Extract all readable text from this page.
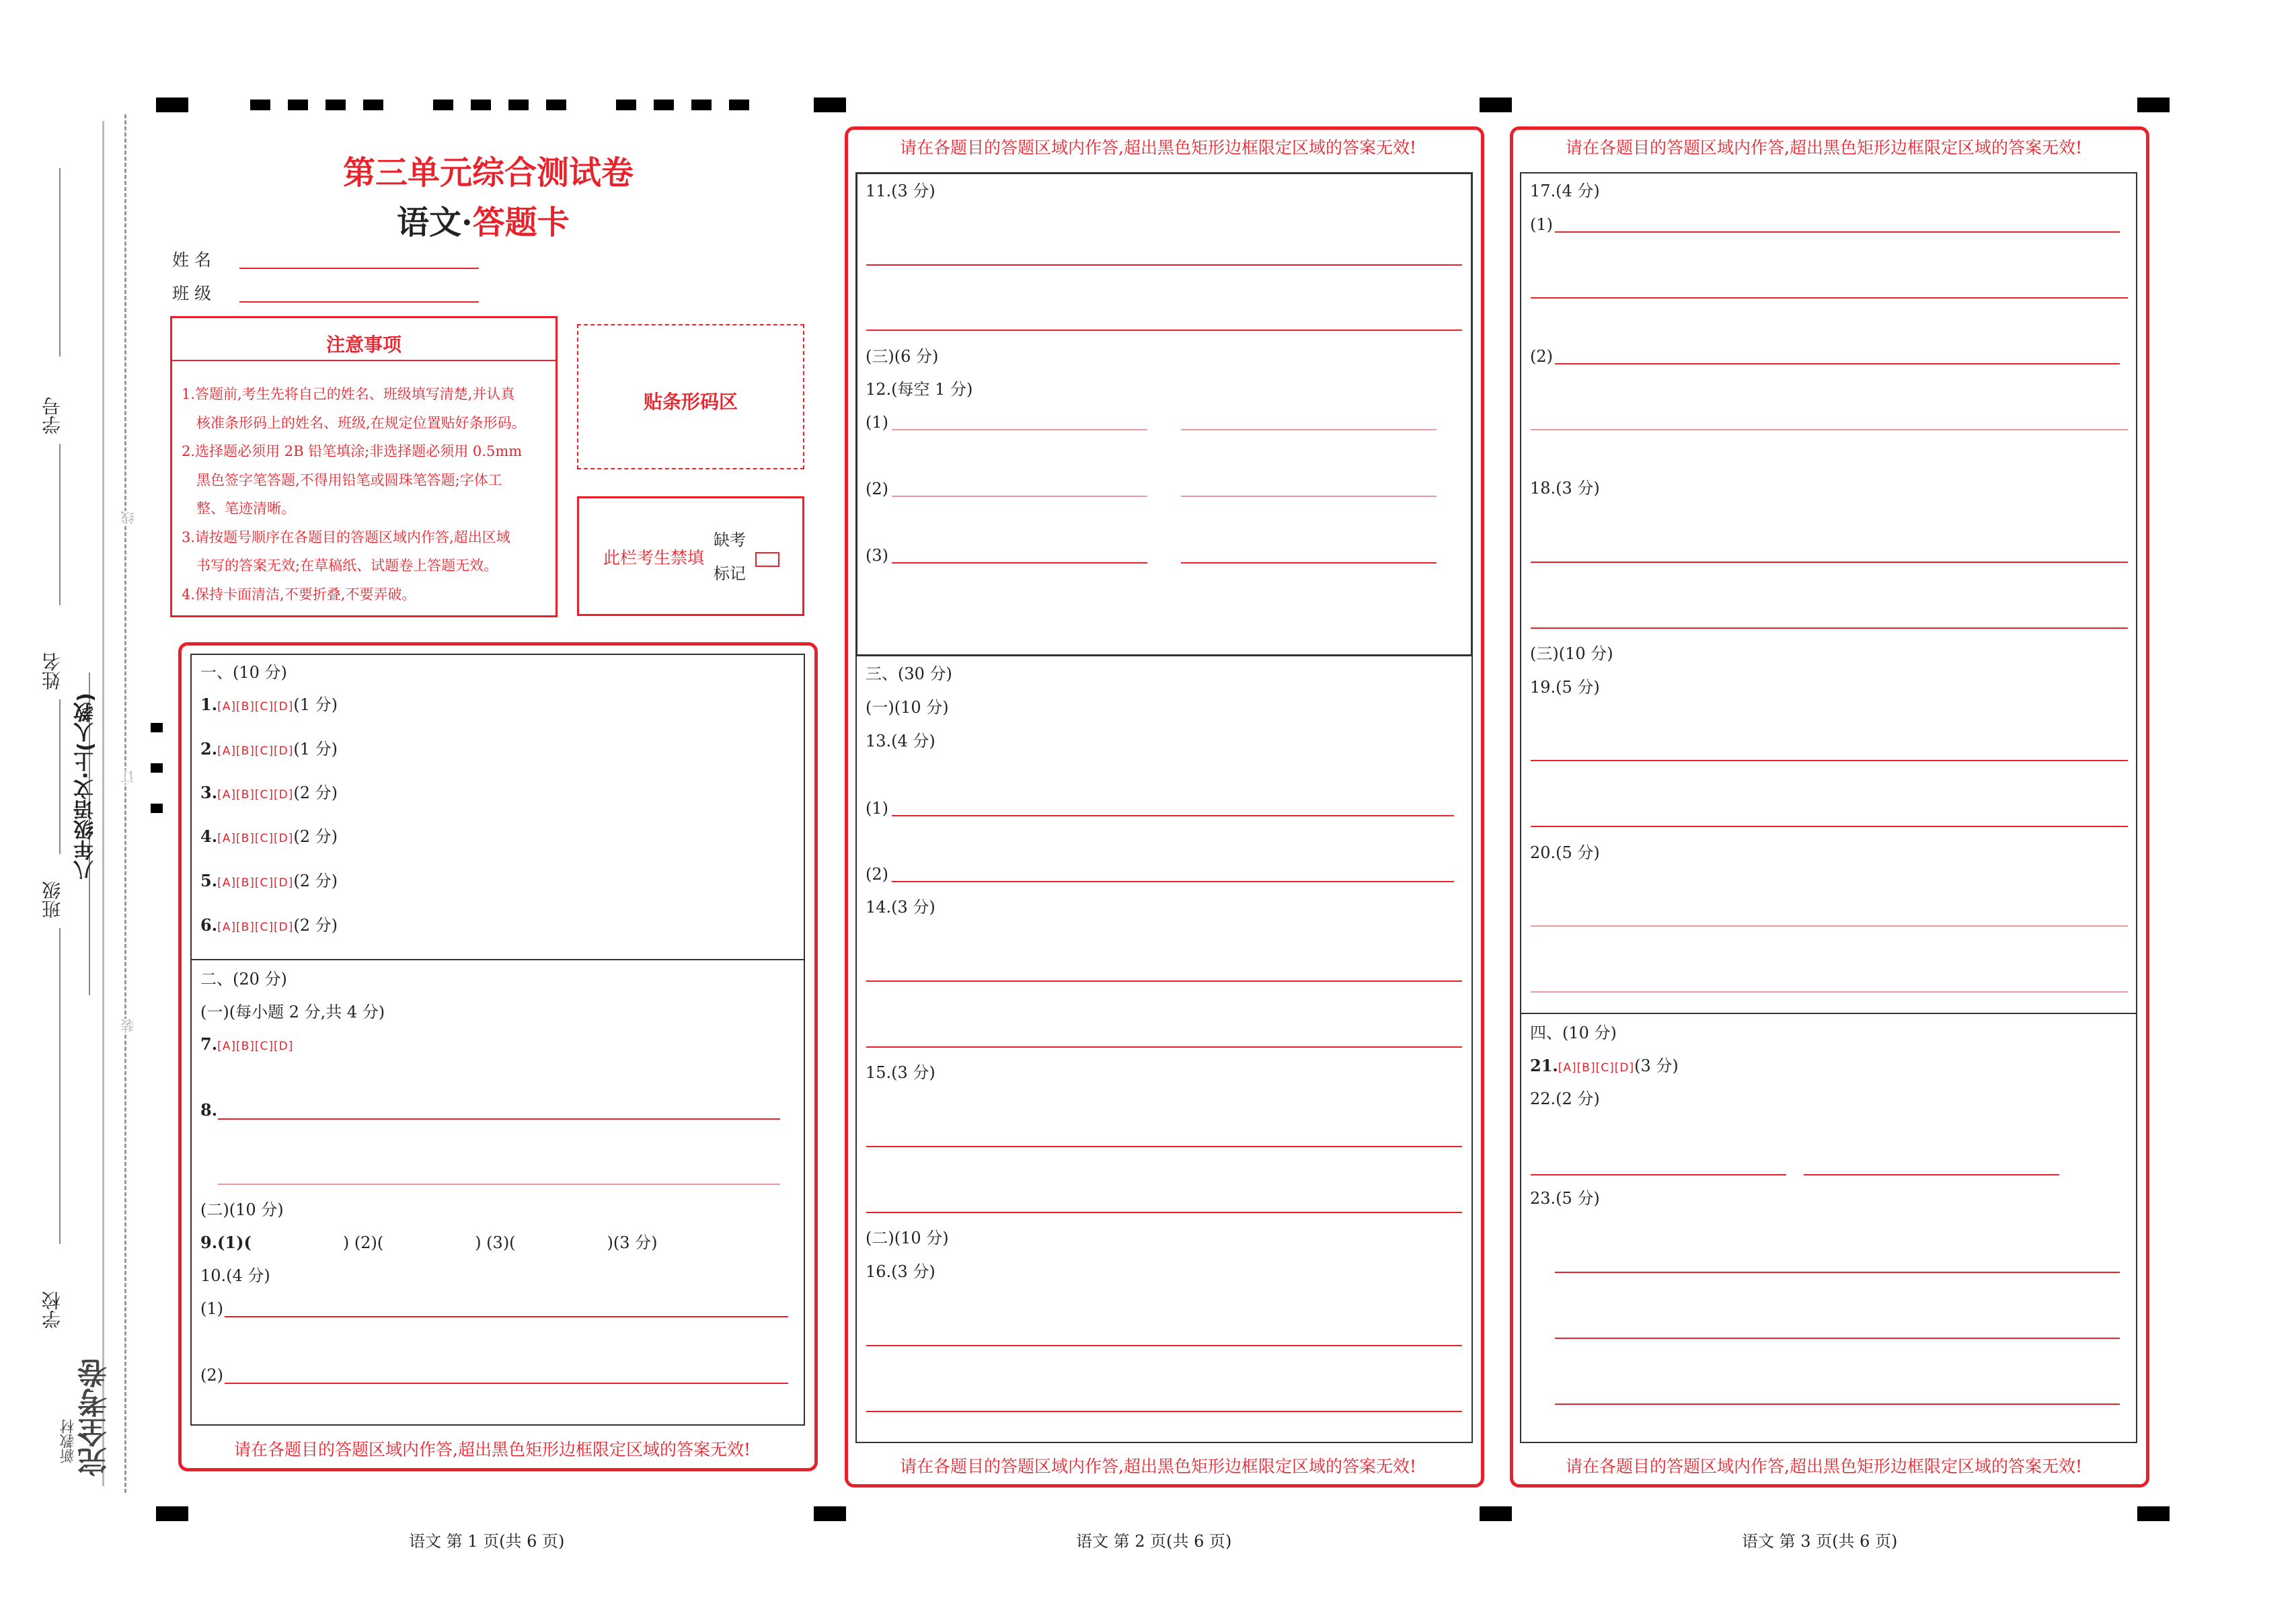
学号
姓名
班级
学校
八年级语文·上(人教)
完全考卷
新教材
线
订
装
第三单元综合测试卷
语文·答题卡
姓 名
班 级
注意事项
1.答题前,考生先将自己的姓名、班级填写清楚,并认真
核准条形码上的姓名、班级,在规定位置贴好条形码。
2.选择题必须用 2B 铅笔填涂;非选择题必须用 0.5mm
黑色签字笔答题,不得用铅笔或圆珠笔答题;字体工
整、笔迹清晰。
3.请按题号顺序在各题目的答题区域内作答,超出区域
书写的答案无效;在草稿纸、试题卷上答题无效。
4.保持卡面清洁,不要折叠,不要弄破。
贴条形码区
此栏考生禁填
缺考
标记
一、(10 分)
1.[A][B][C][D](1 分)
2.[A][B][C][D](1 分)
3.[A][B][C][D](2 分)
4.[A][B][C][D](2 分)
5.[A][B][C][D](2 分)
6.[A][B][C][D](2 分)
二、(20 分)
(一)(每小题 2 分,共 4 分)
7.[A][B][C][D]
8.
(二)(10 分)
9.(1)(	) (2)(	) (3)(	)(3 分)
10.(4 分)
(1)
(2)
请在各题目的答题区域内作答,超出黑色矩形边框限定区域的答案无效!
语文 第 1 页(共 6 页)
请在各题目的答题区域内作答,超出黑色矩形边框限定区域的答案无效!
11.(3 分)
(三)(6 分)
12.(每空 1 分)
(1)
(2)
(3)
三、(30 分)
(一)(10 分)
13.(4 分)
(1)
(2)
14.(3 分)
15.(3 分)
(二)(10 分)
16.(3 分)
请在各题目的答题区域内作答,超出黑色矩形边框限定区域的答案无效!
语文 第 2 页(共 6 页)
请在各题目的答题区域内作答,超出黑色矩形边框限定区域的答案无效!
17.(4 分)
(1)
(2)
18.(3 分)
(三)(10 分)
19.(5 分)
20.(5 分)
四、(10 分)
21.[A][B][C][D](3 分)
22.(2 分)
23.(5 分)
请在各题目的答题区域内作答,超出黑色矩形边框限定区域的答案无效!
语文 第 3 页(共 6 页)
